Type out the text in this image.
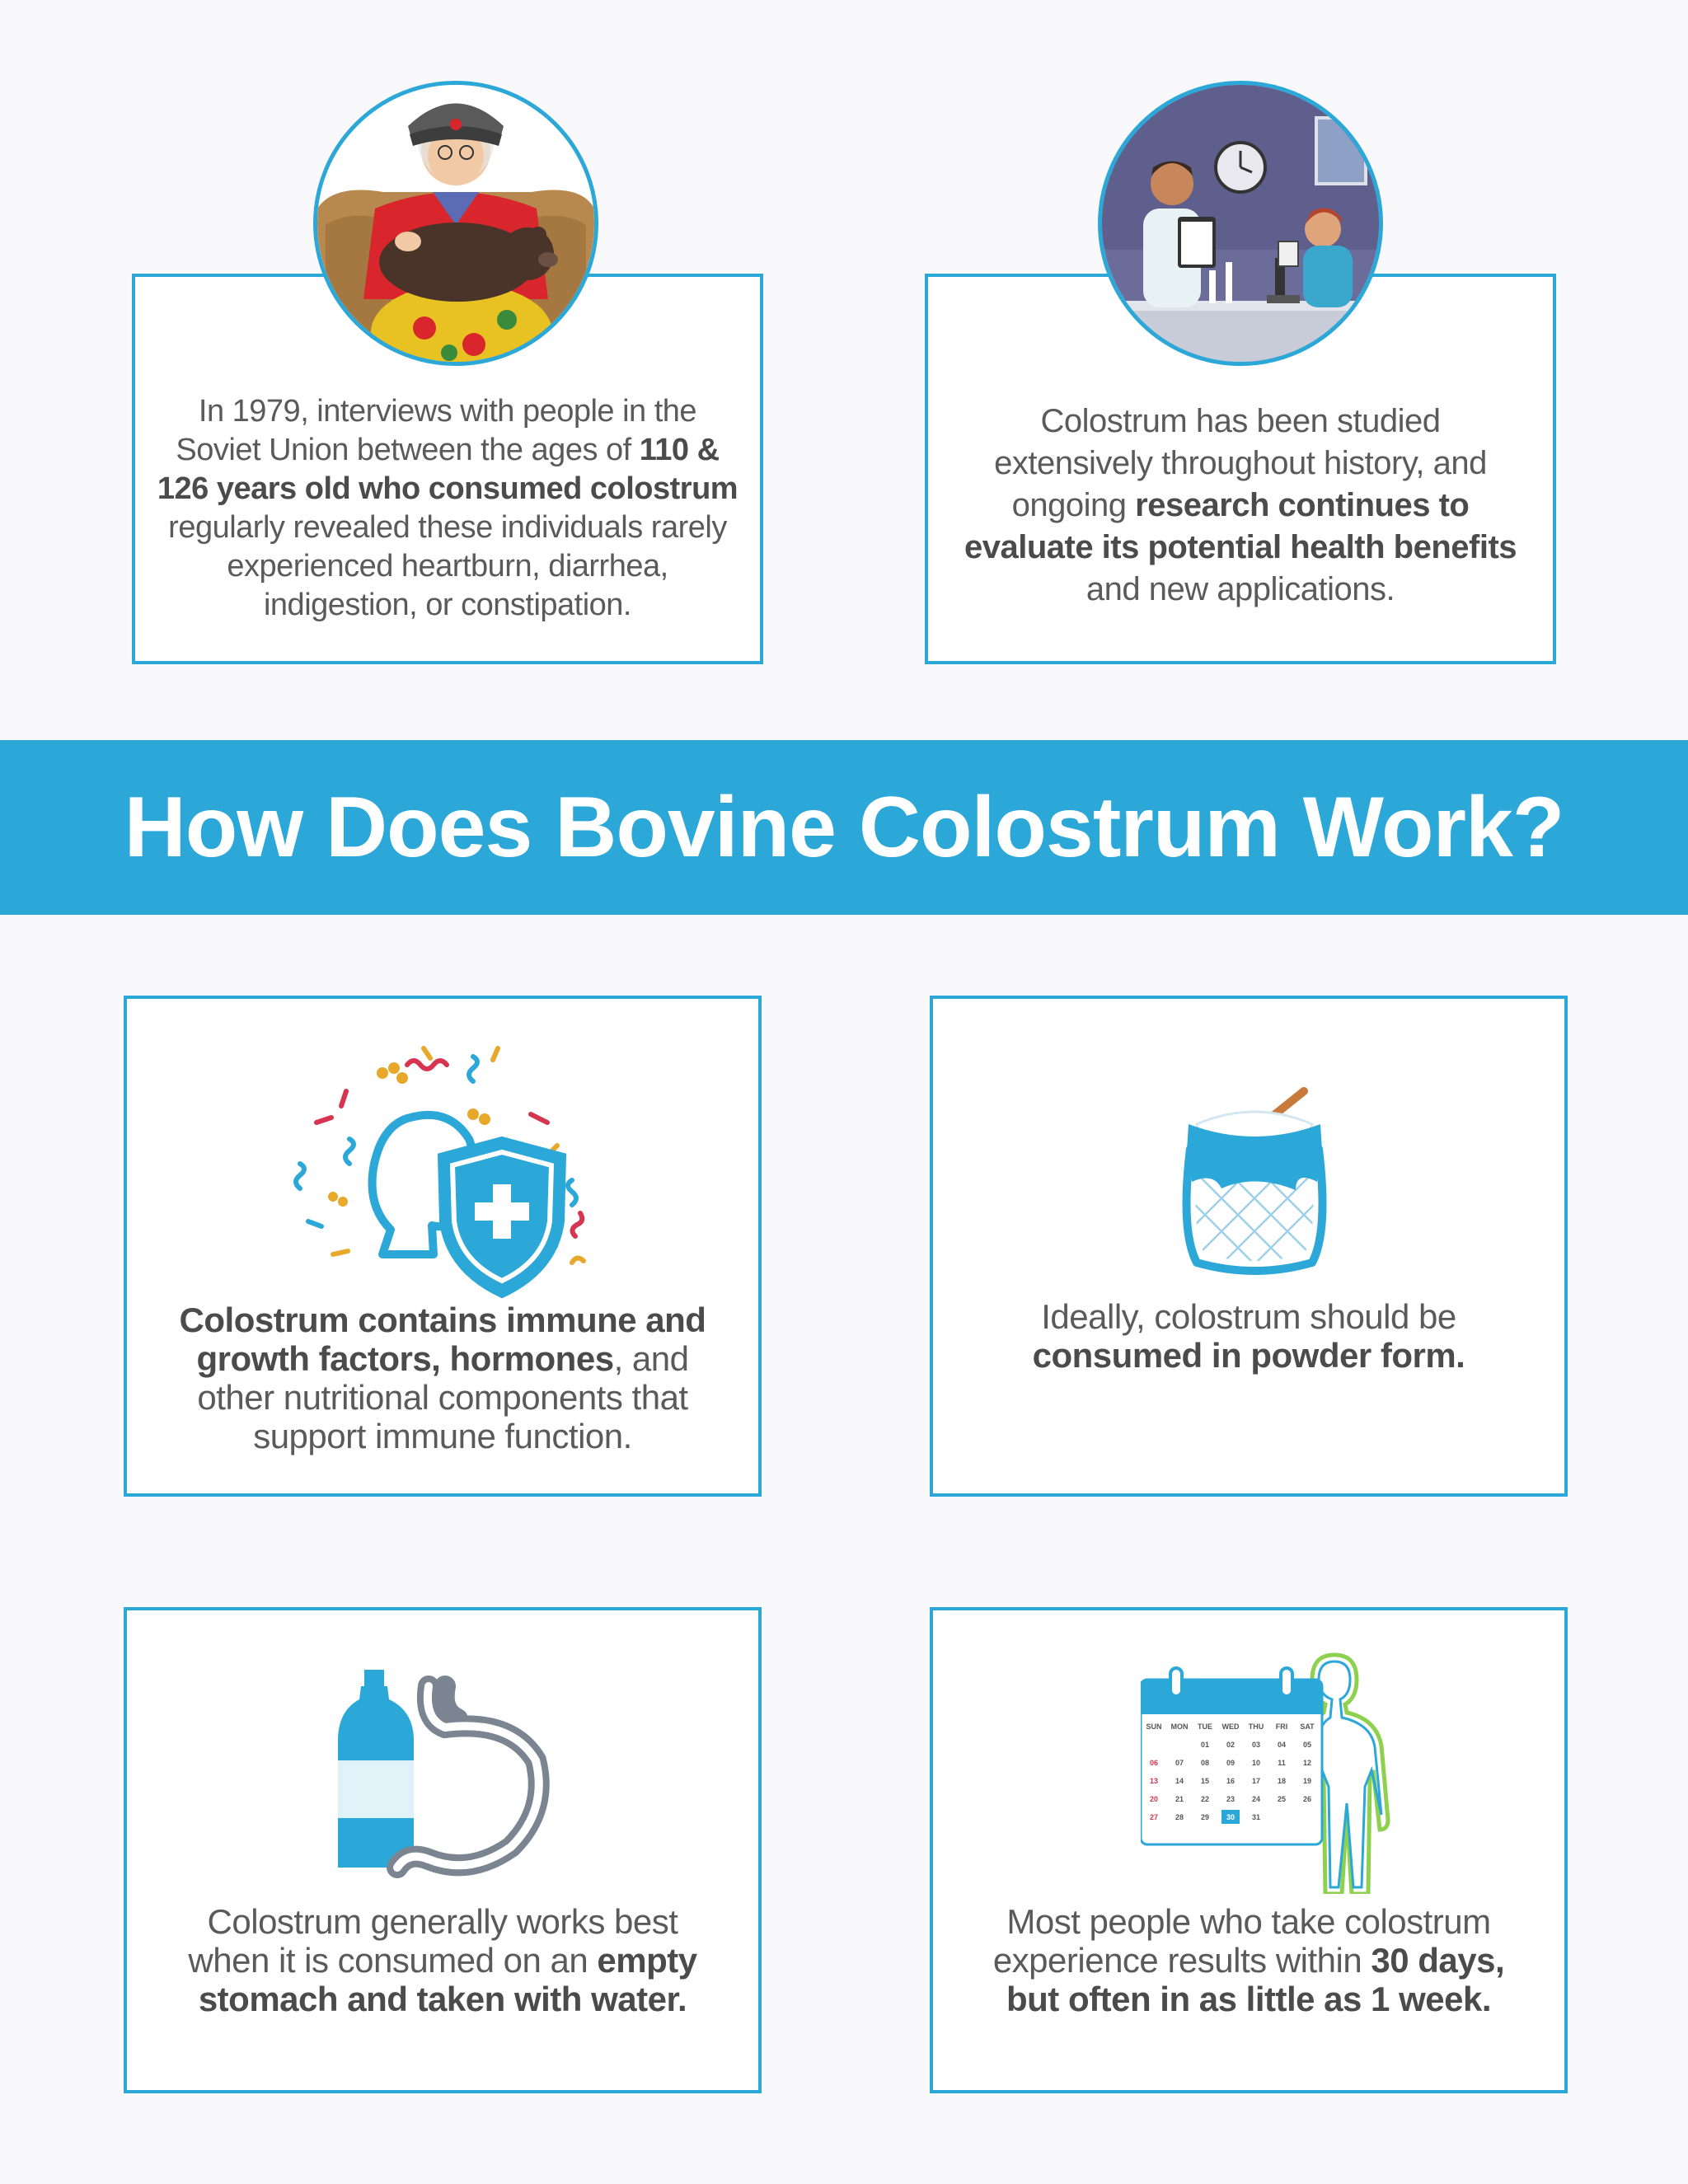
In 1979, interviews with people in the
Soviet Union between the ages of 110 &
126 years old who consumed colostrum
regularly revealed these individuals rarely
experienced heartburn, diarrhea,
indigestion, or constipation.
Colostrum has been studied
extensively throughout history, and
ongoing research continues to
evaluate its potential health benefits
and new applications.
How Does Bovine Colostrum Work?
Colostrum contains immune and
growth factors, hormones, and
other nutritional components that
support immune function.
Ideally, colostrum should be
consumed in powder form.
Colostrum generally works best
when it is consumed on an empty
stomach and taken with water.
SUN MON TUE WED THU FRI SAT
01 02 03 04 05
06 07 08 09 10 11 12
13 14 15 16 17 18 19
20 21 22 23 24 25 26
27 28 29 30 31
Most people who take colostrum
experience results within 30 days,
but often in as little as 1 week.
